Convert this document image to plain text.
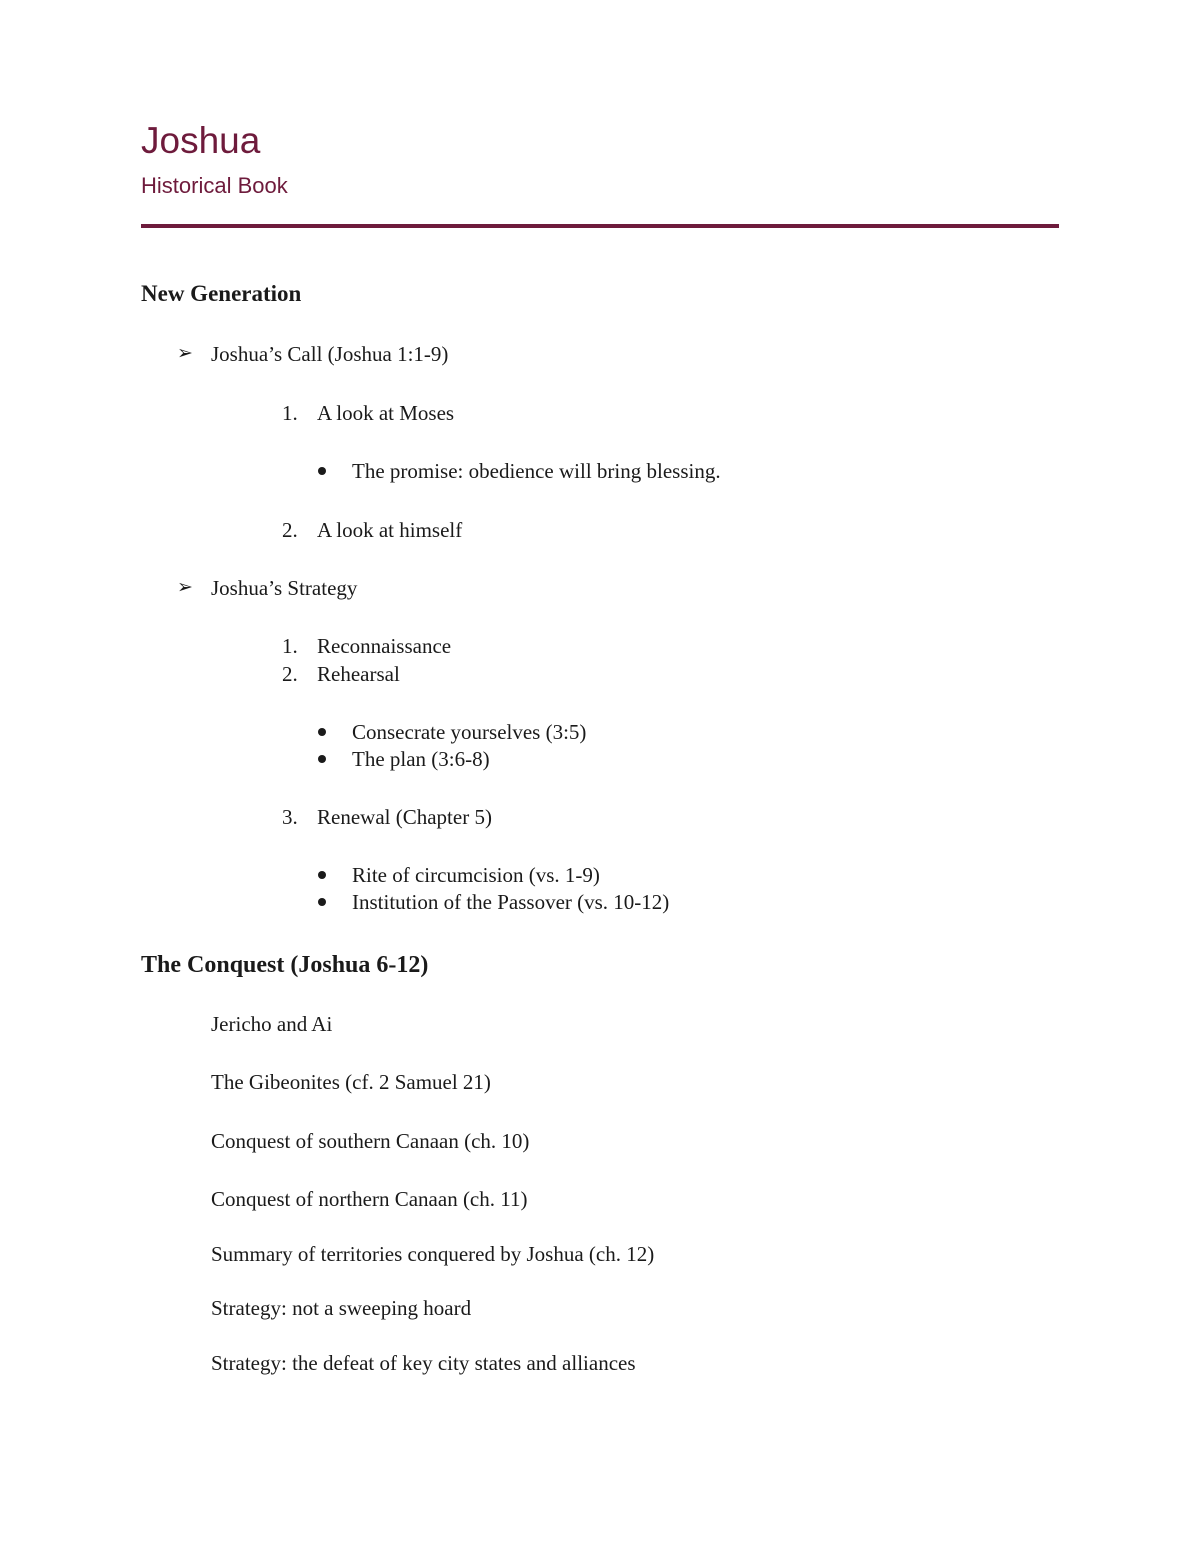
Joshua
Historical Book
New Generation
➢ Joshua’s Call (Joshua 1:1-9)
1. A look at Moses
The promise: obedience will bring blessing.
2. A look at himself
➢ Joshua’s Strategy
1. Reconnaissance
2. Rehearsal
Consecrate yourselves (3:5)
The plan (3:6-8)
3. Renewal (Chapter 5)
Rite of circumcision (vs. 1-9)
Institution of the Passover (vs. 10-12)
The Conquest (Joshua 6-12)
Jericho and Ai
The Gibeonites (cf. 2 Samuel 21)
Conquest of southern Canaan (ch. 10)
Conquest of northern Canaan (ch. 11)
Summary of territories conquered by Joshua (ch. 12)
Strategy: not a sweeping hoard
Strategy: the defeat of key city states and alliances
